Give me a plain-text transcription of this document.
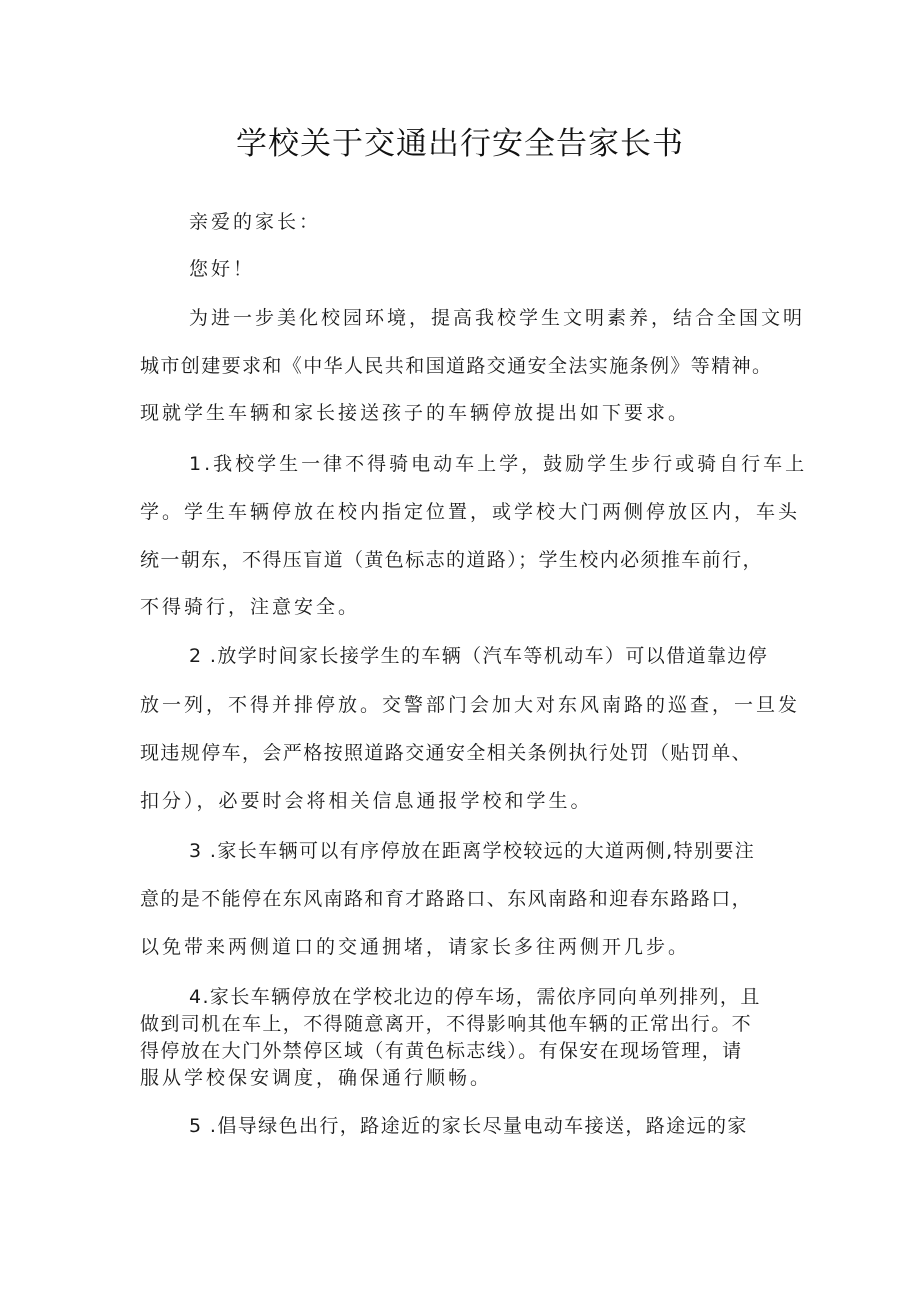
学校关于交通出行安全告家长书

亲爱的家长：

您好！

为进一步美化校园环境，提高我校学生文明素养，结合全国文明

城市创建要求和《中华人民共和国道路交通安全法实施条例》等精神。

现就学生车辆和家长接送孩子的车辆停放提出如下要求。

1.我校学生一律不得骑电动车上学，鼓励学生步行或骑自行车上

学。学生车辆停放在校内指定位置，或学校大门两侧停放区内，车头

统一朝东，不得压盲道（黄色标志的道路）；学生校内必须推车前行，

不得骑行，注意安全。

2 .放学时间家长接学生的车辆（汽车等机动车）可以借道靠边停

放一列，不得并排停放。交警部门会加大对东风南路的巡查，一旦发

现违规停车，会严格按照道路交通安全相关条例执行处罚（贴罚单、

扣分），必要时会将相关信息通报学校和学生。

3 .家长车辆可以有序停放在距离学校较远的大道两侧,特别要注

意的是不能停在东风南路和育才路路口、东风南路和迎春东路路口，

以免带来两侧道口的交通拥堵，请家长多往两侧开几步。

4.家长车辆停放在学校北边的停车场，需依序同向单列排列，且

做到司机在车上，不得随意离开，不得影响其他车辆的正常出行。不

得停放在大门外禁停区域（有黄色标志线）。有保安在现场管理，请

服从学校保安调度，确保通行顺畅。

5 .倡导绿色出行，路途近的家长尽量电动车接送，路途远的家
